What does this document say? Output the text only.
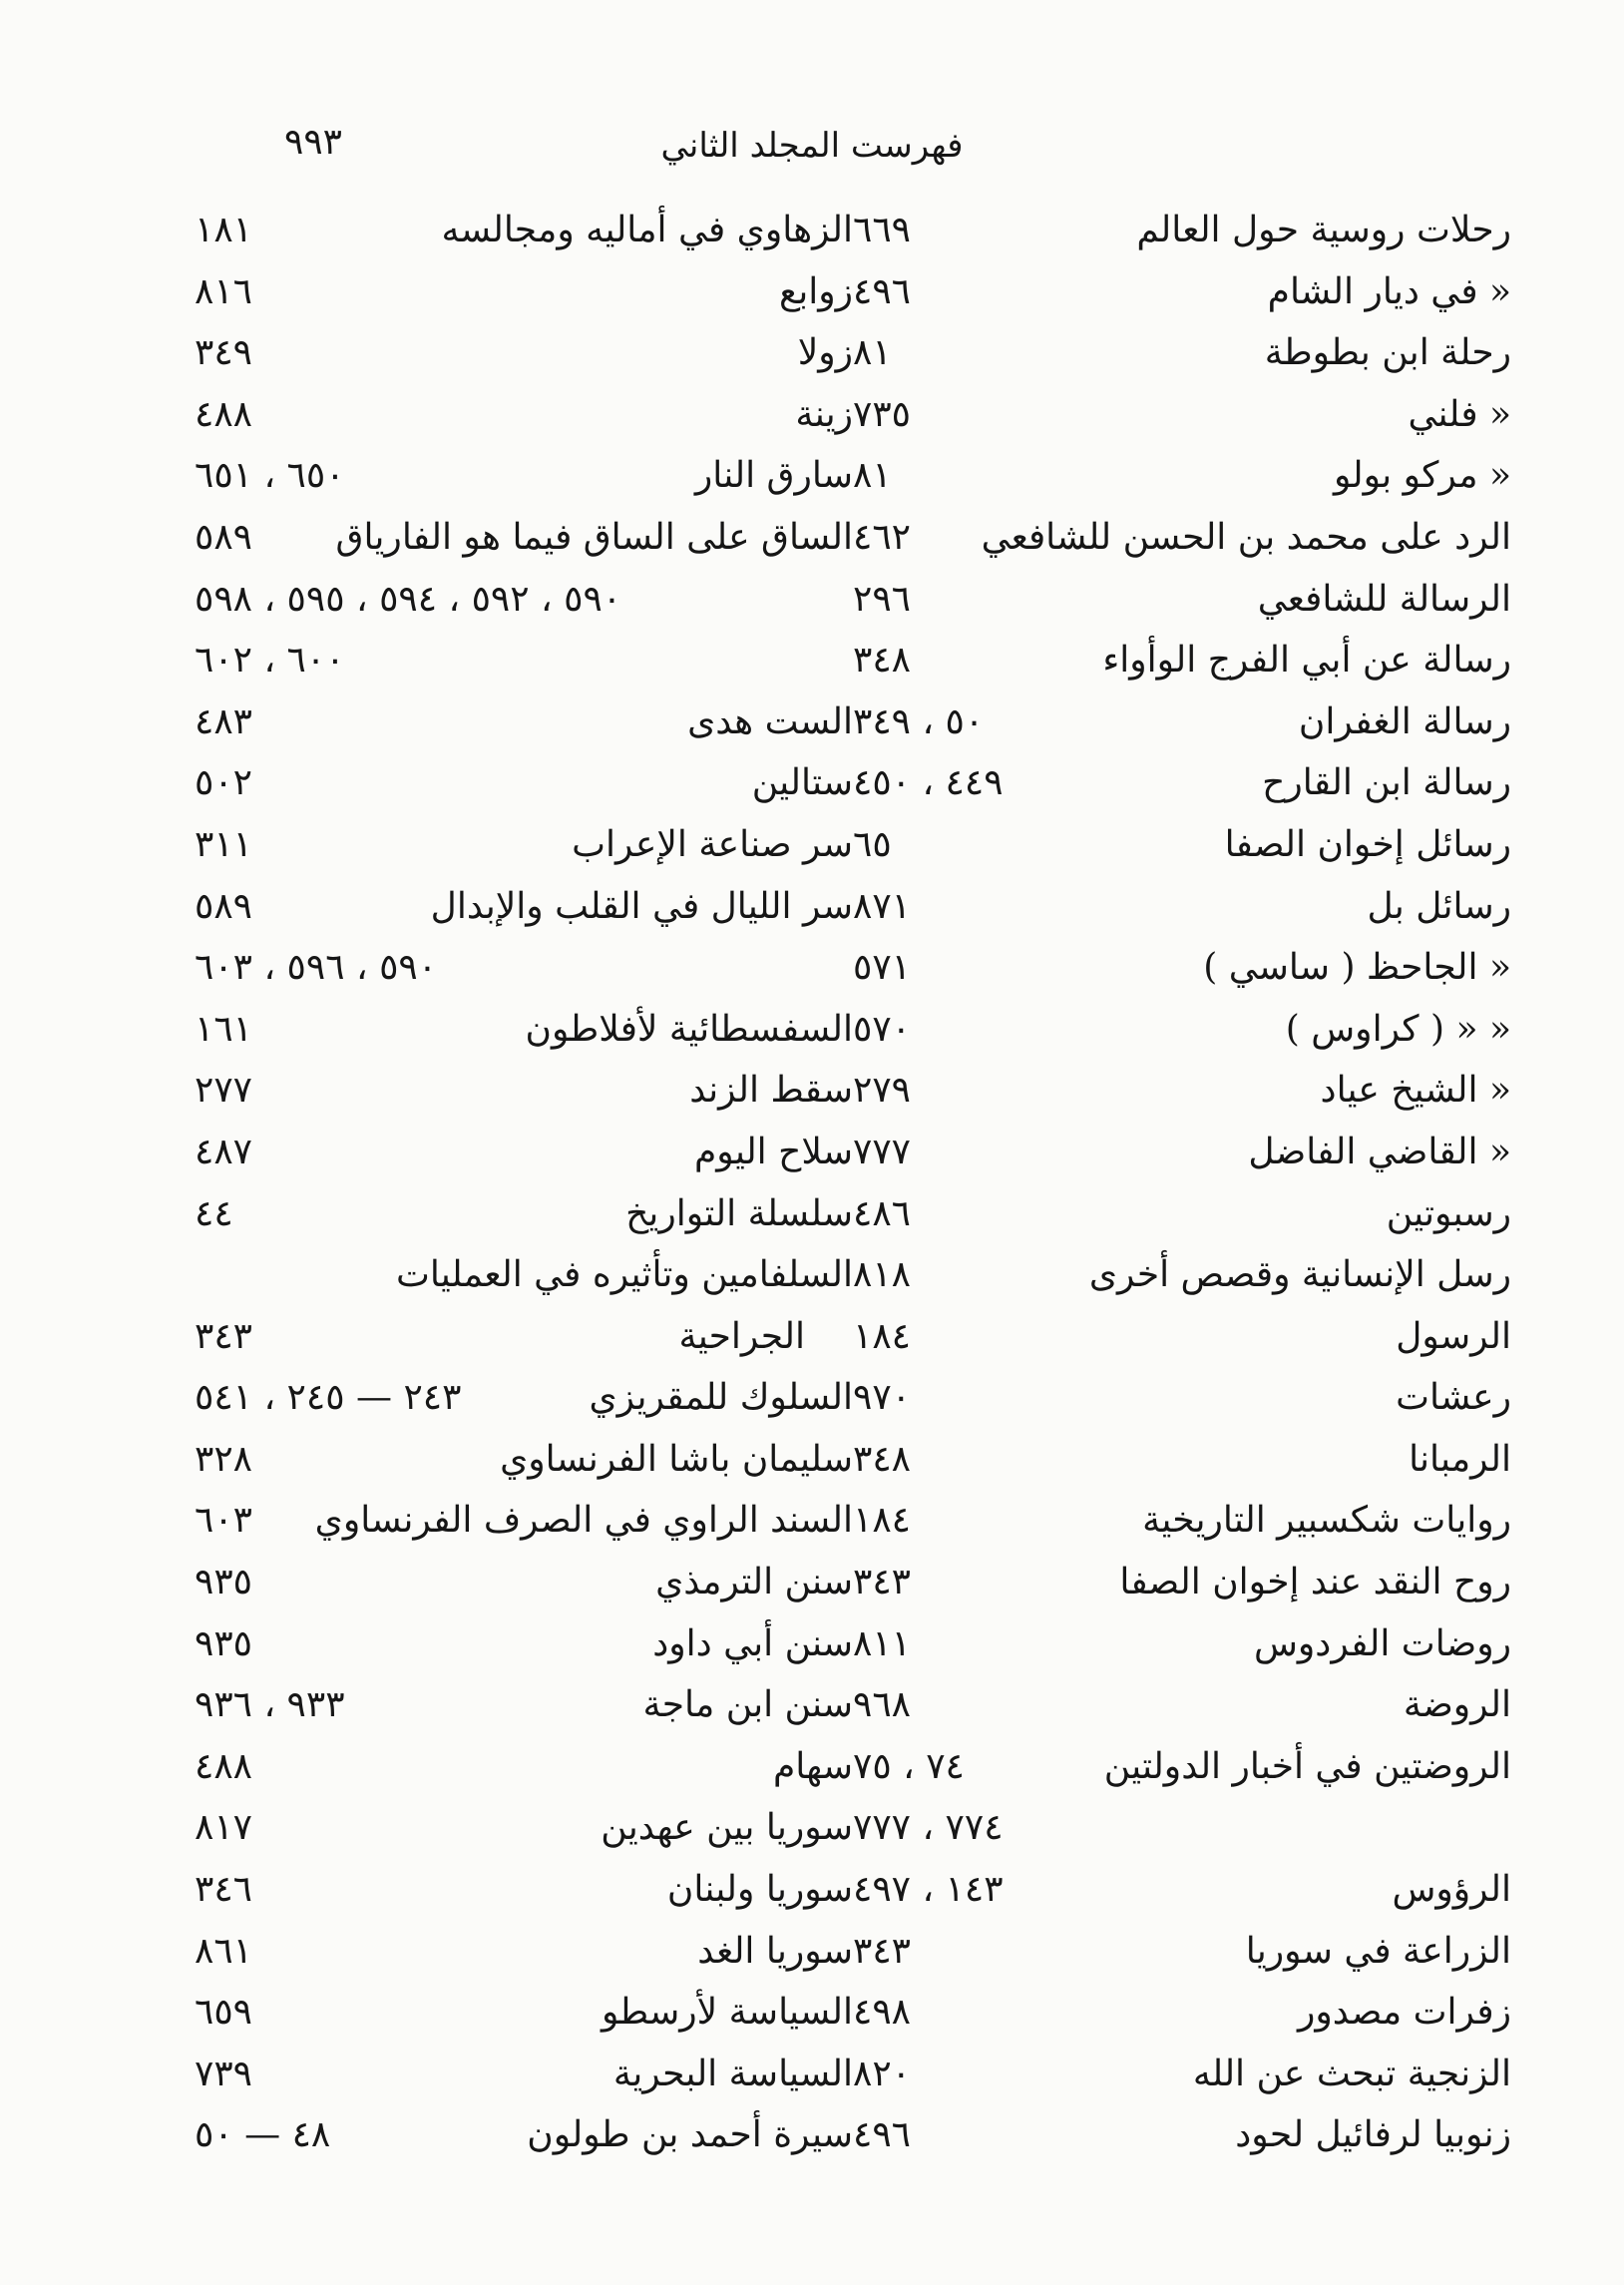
٩٩٣	فهرست المجلد الثاني
رحلات روسية حول العالم
٦٦٩
« في ديار الشام
٤٩٦
رحلة ابن بطوطة
٨١
« فلني
٧٣٥
« مركو بولو
٨١
الرد على محمد بن الحسن للشافعي
٤٦٢
الرسالة للشافعي
٢٩٦
رسالة عن أبي الفرج الوأواء
٣٤٨
رسالة الغفران
٥٠ ، ٣٤٩
رسالة ابن القارح
٤٤٩ ، ٤٥٠
رسائل إخوان الصفا
٦٥
رسائل بل
٨٧١
« الجاحظ ( ساسي )
٥٧١
« « ( كراوس )
٥٧٠
« الشيخ عياد
٢٧٩
« القاضي الفاضل
٧٧٧
رسبوتين
٤٨٦
رسل الإنسانية وقصص أخرى
٨١٨
الرسول
١٨٤
رعشات
٩٧٠
الرمبانا
٣٤٨
روايات شكسبير التاريخية
١٨٤
روح النقد عند إخوان الصفا
٣٤٣
روضات الفردوس
٨١١
الروضة
٩٦٨
الروضتين في أخبار الدولتين
٧٤ ، ٧٥
٧٧٤ ، ٧٧٧
الرؤوس
١٤٣ ، ٤٩٧
الزراعة في سوريا
٣٤٣
زفرات مصدور
٤٩٨
الزنجية تبحث عن الله
٨٢٠
زنوبيا لرفائيل لحود
٤٩٦
الزهاوي في أماليه ومجالسه
١٨١
زوابع
٨١٦
زولا
٣٤٩
زينة
٤٨٨
سارق النار
٦٥٠ ، ٦٥١
الساق على الساق فيما هو الفارياق
٥٨٩
٥٩٠ ، ٥٩٢ ، ٥٩٤ ، ٥٩٥ ، ٥٩٨
٦٠٠ ، ٦٠٢
الست هدى
٤٨٣
ستالين
٥٠٢
سر صناعة الإعراب
٣١١
سر الليال في القلب والإبدال
٥٨٩
٥٩٠ ، ٥٩٦ ، ٦٠٣
السفسطائية لأفلاطون
١٦١
سقط الزند
٢٧٧
سلاح اليوم
٤٨٧
سلسلة التواريخ
٤٤
السلفامين وتأثيره في العمليات
الجراحية
٣٤٣
السلوك للمقريزي
٢٤٣ — ٢٤٥ ، ٥٤١
سليمان باشا الفرنساوي
٣٢٨
السند الراوي في الصرف الفرنساوي
٦٠٣
سنن الترمذي
٩٣٥
سنن أبي داود
٩٣٥
سنن ابن ماجة
٩٣٣ ، ٩٣٦
سهام
٤٨٨
سوريا بين عهدين
٨١٧
سوريا ولبنان
٣٤٦
سوريا الغد
٨٦١
السياسة لأرسطو
٦٥٩
السياسة البحرية
٧٣٩
سيرة أحمد بن طولون
٤٨ — ٥٠
